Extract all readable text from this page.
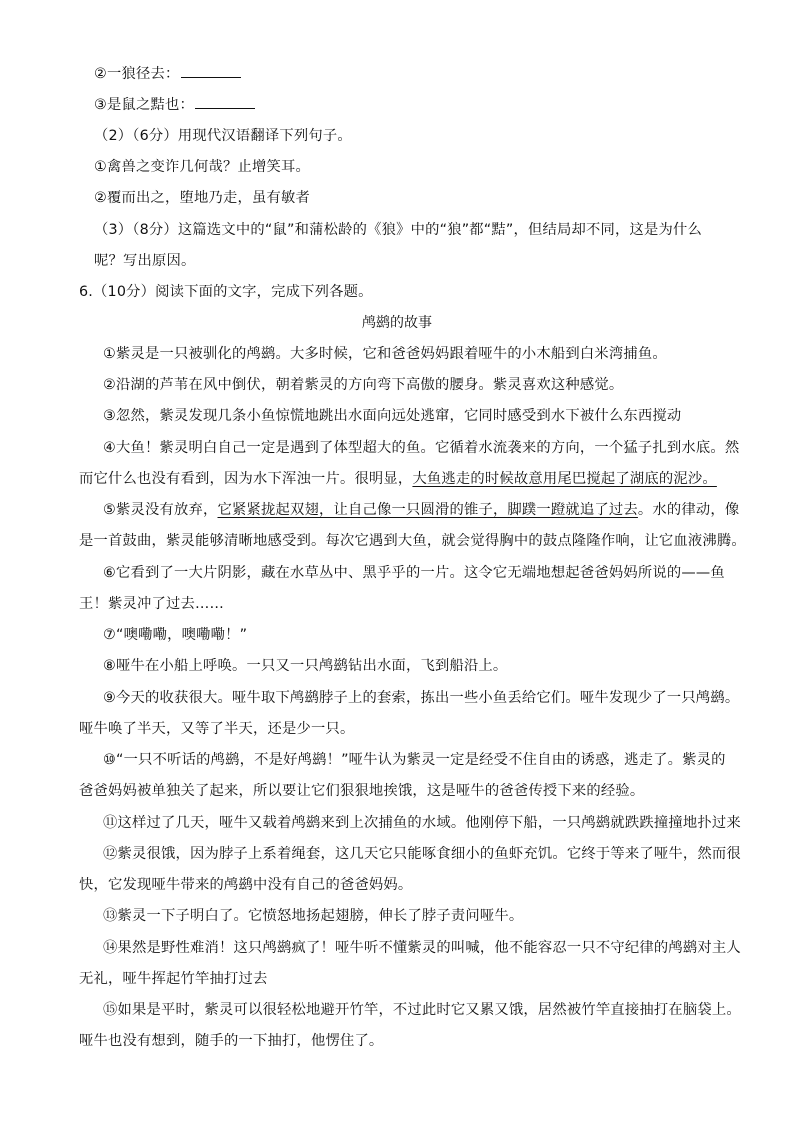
②一狼径去：
③是鼠之黠也：
（2）（6分）用现代汉语翻译下列句子。
①禽兽之变诈几何哉？止增笑耳。
②覆而出之，堕地乃走，虽有敏者
（3）（8分）这篇选文中的“鼠”和蒲松龄的《狼》中的“狼”都“黠”，但结局却不同，这是为什么
呢？写出原因。
6.（10分）阅读下面的文字，完成下列各题。
鸬鹚的故事
①紫灵是一只被驯化的鸬鹚。大多时候，它和爸爸妈妈跟着哑牛的小木船到白米湾捕鱼。
②沿湖的芦苇在风中倒伏，朝着紫灵的方向弯下高傲的腰身。紫灵喜欢这种感觉。
③忽然，紫灵发现几条小鱼惊慌地跳出水面向远处逃窜，它同时感受到水下被什么东西搅动
④大鱼！紫灵明白自己一定是遇到了体型超大的鱼。它循着水流袭来的方向，一个猛子扎到水底。然
而它什么也没有看到，因为水下浑浊一片。很明显，大鱼逃走的时候故意用尾巴搅起了湖底的泥沙。
⑤紫灵没有放弃，它紧紧拢起双翅，让自己像一只圆滑的锥子，脚蹼一蹬就追了过去。水的律动，像
是一首鼓曲，紫灵能够清晰地感受到。每次它遇到大鱼，就会觉得胸中的鼓点隆隆作响，让它血液沸腾。
⑥它看到了一大片阴影，藏在水草丛中、黑乎乎的一片。这令它无端地想起爸爸妈妈所说的——鱼
王！紫灵冲了过去……
⑦“噢嘞嘞，噢嘞嘞！”
⑧哑牛在小船上呼唤。一只又一只鸬鹚钻出水面，飞到船沿上。
⑨今天的收获很大。哑牛取下鸬鹚脖子上的套索，拣出一些小鱼丢给它们。哑牛发现少了一只鸬鹚。
哑牛唤了半天，又等了半天，还是少一只。
⑩“一只不听话的鸬鹚，不是好鸬鹚！”哑牛认为紫灵一定是经受不住自由的诱惑，逃走了。紫灵的
爸爸妈妈被单独关了起来，所以要让它们狠狠地挨饿，这是哑牛的爸爸传授下来的经验。
⑪这样过了几天，哑牛又载着鸬鹚来到上次捕鱼的水域。他刚停下船，一只鸬鹚就跌跌撞撞地扑过来
⑫紫灵很饿，因为脖子上系着绳套，这几天它只能啄食细小的鱼虾充饥。它终于等来了哑牛，然而很
快，它发现哑牛带来的鸬鹚中没有自己的爸爸妈妈。
⑬紫灵一下子明白了。它愤怒地扬起翅膀，伸长了脖子责问哑牛。
⑭果然是野性难消！这只鸬鹚疯了！哑牛听不懂紫灵的叫喊，他不能容忍一只不守纪律的鸬鹚对主人
无礼，哑牛挥起竹竿抽打过去
⑮如果是平时，紫灵可以很轻松地避开竹竿，不过此时它又累又饿，居然被竹竿直接抽打在脑袋上。
哑牛也没有想到，随手的一下抽打，他愣住了。
